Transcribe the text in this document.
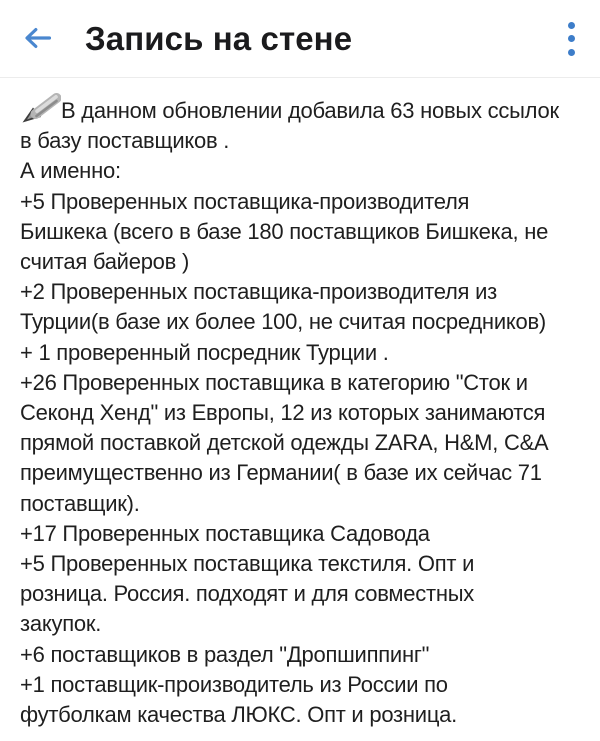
Запись на стене
В данном обновлении добавила 63 новых ссылок
в базу поставщиков .
А именно:
+5 Проверенных поставщика-производителя
Бишкека (всего в базе 180 поставщиков Бишкека, не
считая байеров )
+2 Проверенных поставщика-производителя из
Турции(в базе их более 100, не считая посредников)
+ 1 проверенный посредник Турции .
+26 Проверенных поставщика в категорию "Сток и
Секонд Хенд" из Европы, 12 из которых занимаются
прямой поставкой детской одежды ZARA, H&M, C&A
преимущественно из Германии( в базе их сейчас 71
поставщик).
+17 Проверенных поставщика Садовода
+5 Проверенных поставщика текстиля. Опт и
розница. Россия. подходят и для совместных
закупок.
+6 поставщиков в раздел "Дропшиппинг"
+1 поставщик-производитель из России по
футболкам качества ЛЮКС. Опт и розница.
